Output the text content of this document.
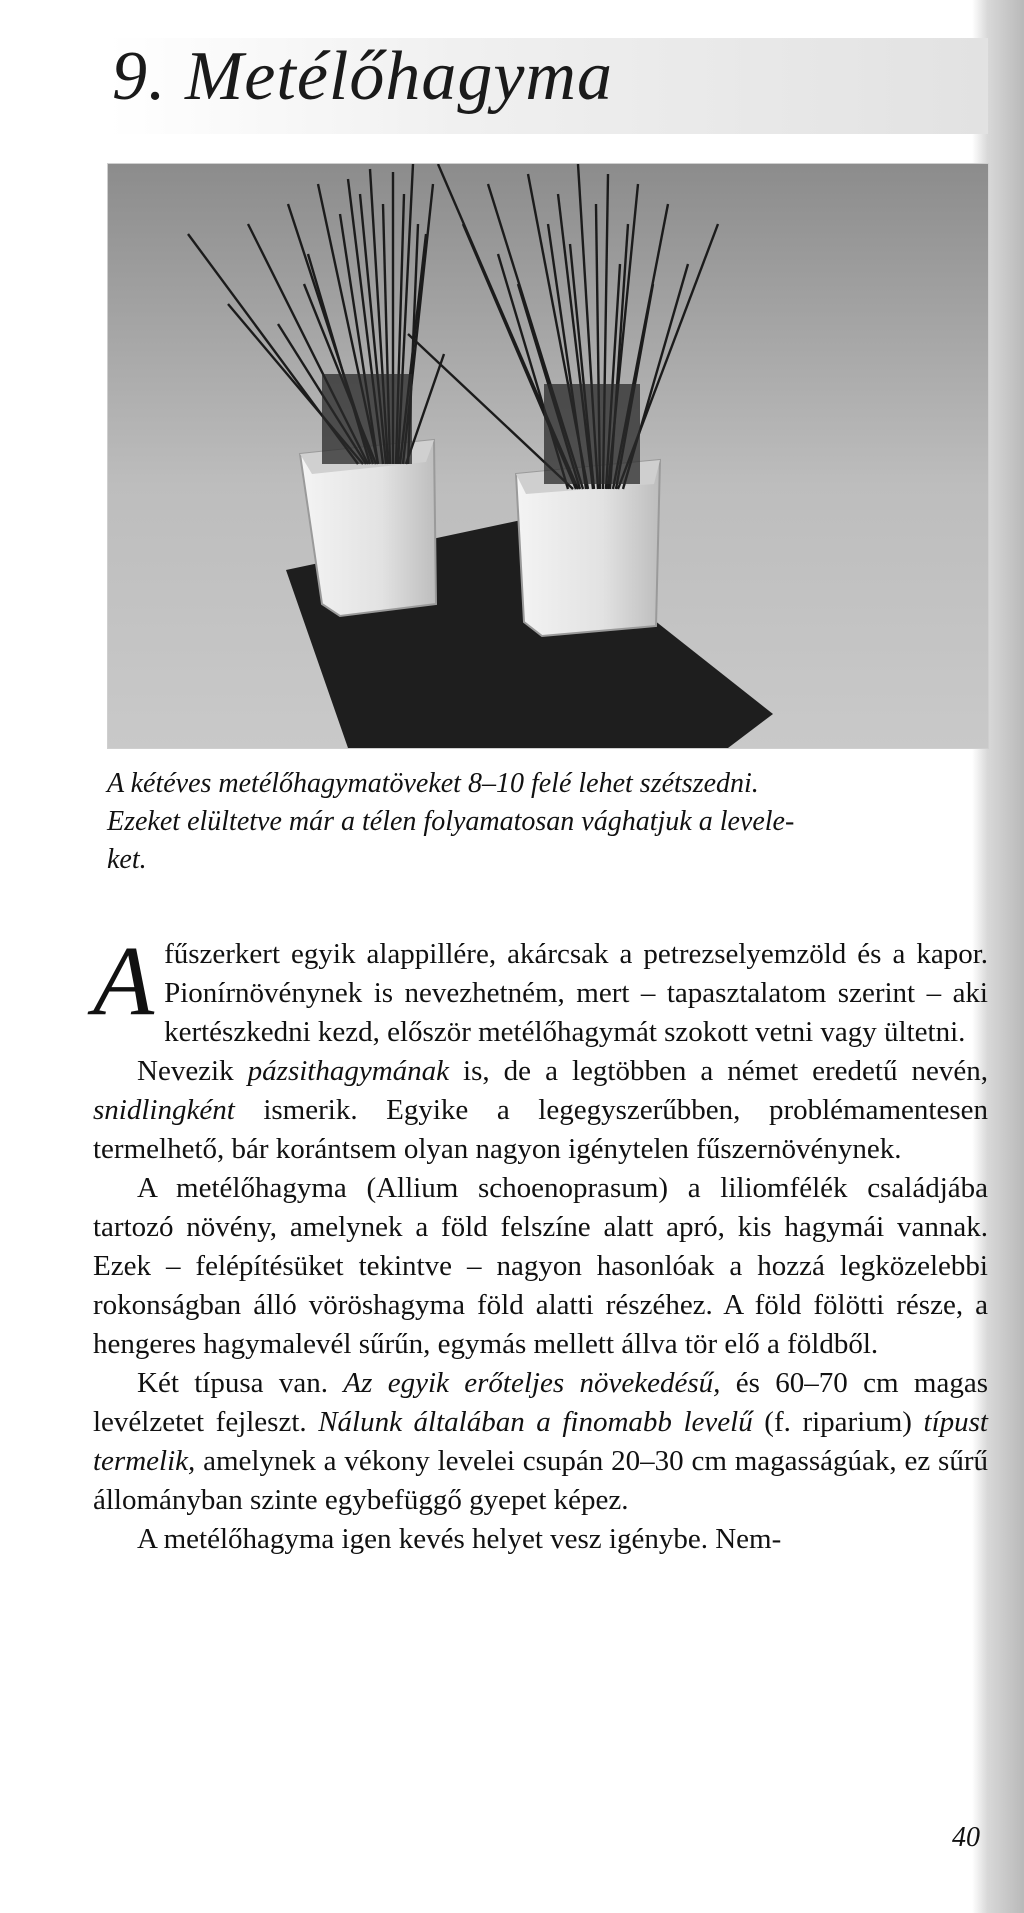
9. Metélőhagyma

A kétéves metélőhagymatöveket 8–10 felé lehet szétszedni.

Ezeket elültetve már a télen folyamatosan vághatjuk a levele-

ket.

A fűszerkert egyik alappillére, akárcsak a petrezselyemzöld és a kapor. Pionírnövénynek is nevezhetném, mert – tapasztalatom szerint – aki kertészkedni kezd, először metélőhagymát szokott vetni vagy ültetni.

Nevezik pázsithagymának is, de a legtöbben a német eredetű nevén, snidlingként ismerik. Egyike a legegyszerűbben, problémamentesen termelhető, bár korántsem olyan nagyon igénytelen fűszernövénynek.

A metélőhagyma (Allium schoenoprasum) a liliomfélék családjába tartozó növény, amelynek a föld felszíne alatt apró, kis hagymái vannak. Ezek – felépítésüket tekintve – nagyon hasonlóak a hozzá legközelebbi rokonságban álló vöröshagyma föld alatti részéhez. A föld fölötti része, a hengeres hagymalevél sűrűn, egymás mellett állva tör elő a földből.

Két típusa van. Az egyik erőteljes növekedésű, és 60–70 cm magas levélzetet fejleszt. Nálunk általában a finomabb levelű (f. riparium) típust termelik, amelynek a vékony levelei csupán 20–30 cm magasságúak, ez sűrű állományban szinte egybefüggő gyepet képez.

A metélőhagyma igen kevés helyet vesz igénybe. Nem-

40
